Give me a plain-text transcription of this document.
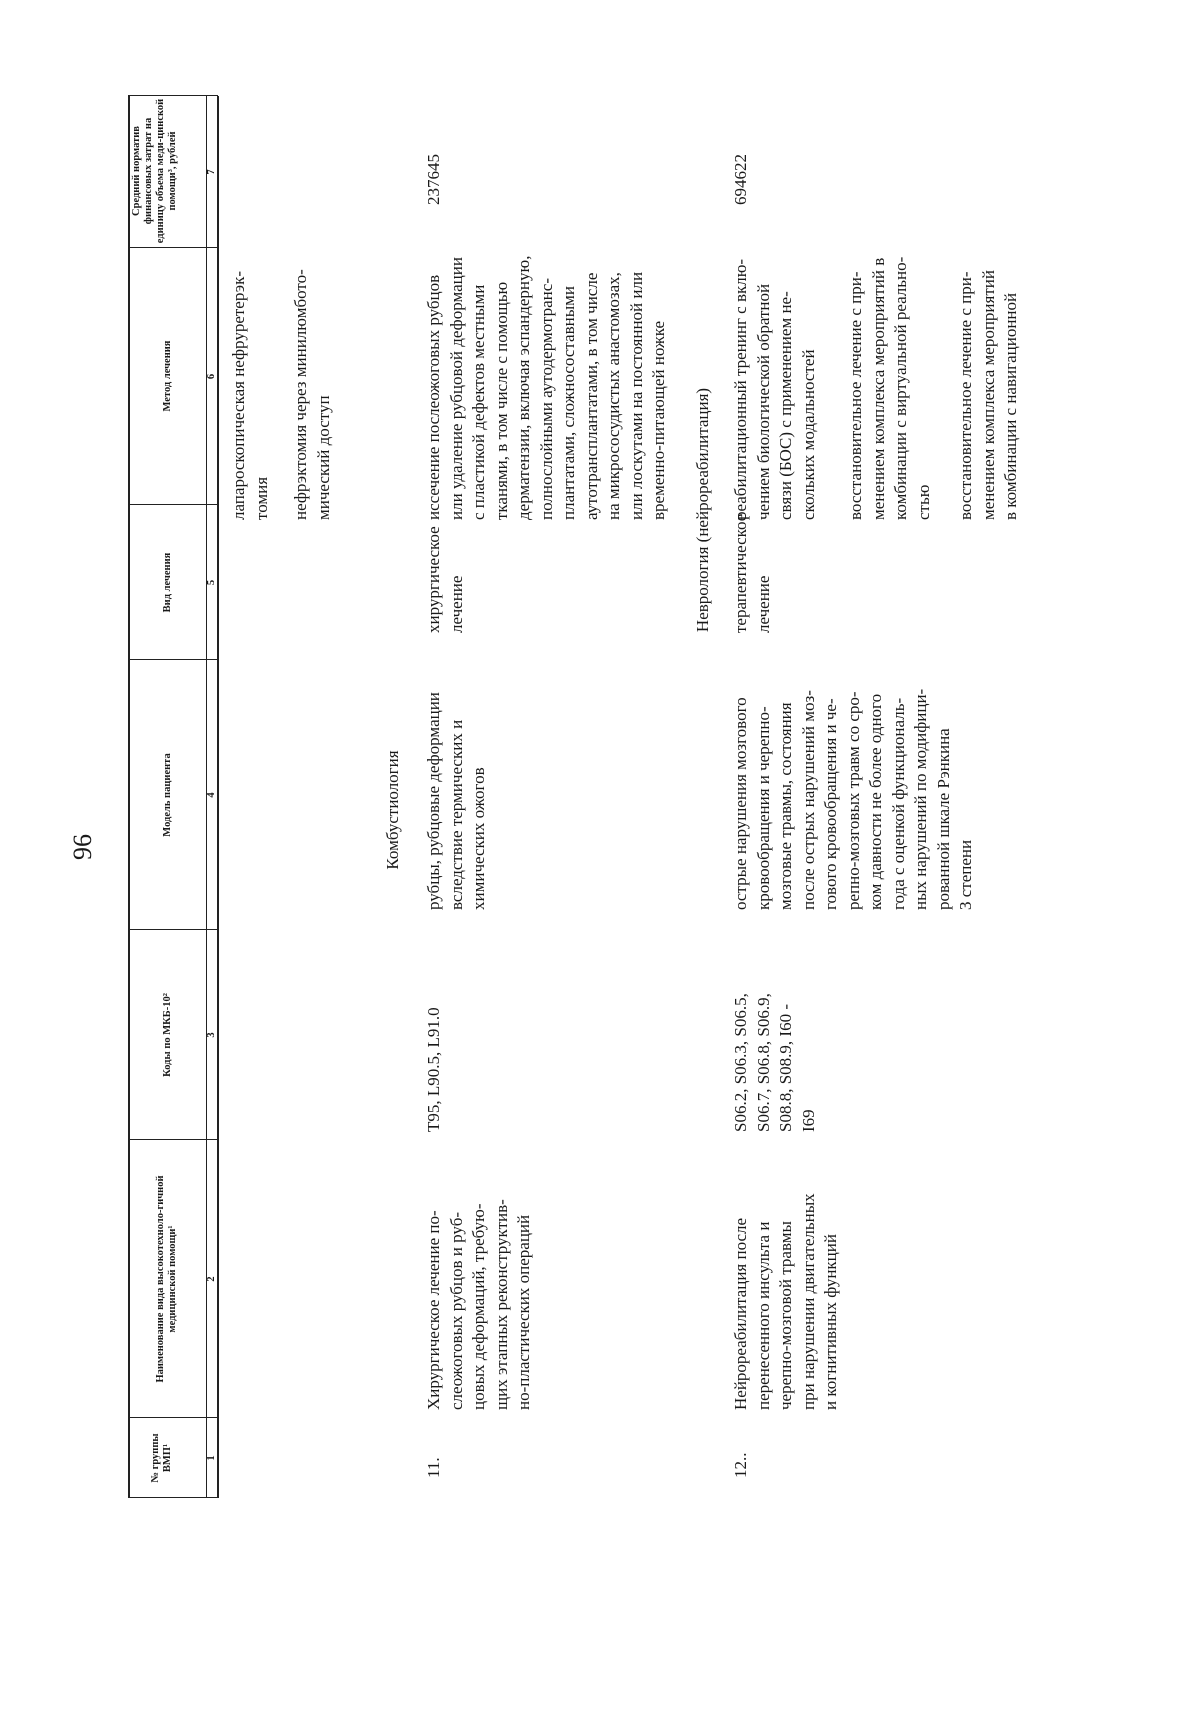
96
№ группы ВМП¹
Наименование вида высокотехноло-гичной медицинской помощи¹
Коды по МКБ-10²
Модель пациента
Вид лечения
Метод лечения
Средний норматив финансовых затрат на единицу объема меди-цинской помощи³, рублей
1
2
3
4
5
6
7
лапароскопическая нефруретерэк-
томия нефрэктомия через минилюмбото-
мический доступ
Комбустиология
11.
Хирургическое лечение по-
слеожоговых рубцов и руб-
цовых деформаций, требую-
щих этапных реконструктив-
но-пластических операций
T95, L90.5, L91.0
рубцы, рубцовые деформации
вследствие термических и
химических ожогов
хирургическое
лечение
иссечение послеожоговых рубцов
или удаление рубцовой деформации
с пластикой дефектов местными
тканями, в том числе с помощью
дерматензии, включая эспандерную,
полнослойными аутодермотранс-
плантатами, сложносоставными
аутотрансплантатами, в том числе
на микрососудистых анастомозах,
или лоскутами на постоянной или
временно-питающей ножке
237645
Неврология (нейрореабилитация)
12..
Нейрореабилитация после
перенесенного инсульта и
черепно-мозговой травмы
при нарушении двигательных
и когнитивных функций
S06.2, S06.3, S06.5,
S06.7, S06.8, S06.9,
S08.8, S08.9, I60 -
I69
острые нарушения мозгового
кровообращения и черепно-
мозговые травмы, состояния
после острых нарушений моз-
гового кровообращения и че-
репно-мозговых травм со сро-
ком давности не более одного
года с оценкой функциональ-
ных нарушений по модифици-
рованной шкале Рэнкина
3 степени
терапевтическое
лечение
реабилитационный тренинг с вклю-
чением биологической обратной
связи (БОС) с применением не-
скольких модальностей восстановительное лечение с при-
менением комплекса мероприятий в
комбинации с виртуальной реально-
стью восстановительное лечение с при-
менением комплекса мероприятий
в комбинации с навигационной
694622
